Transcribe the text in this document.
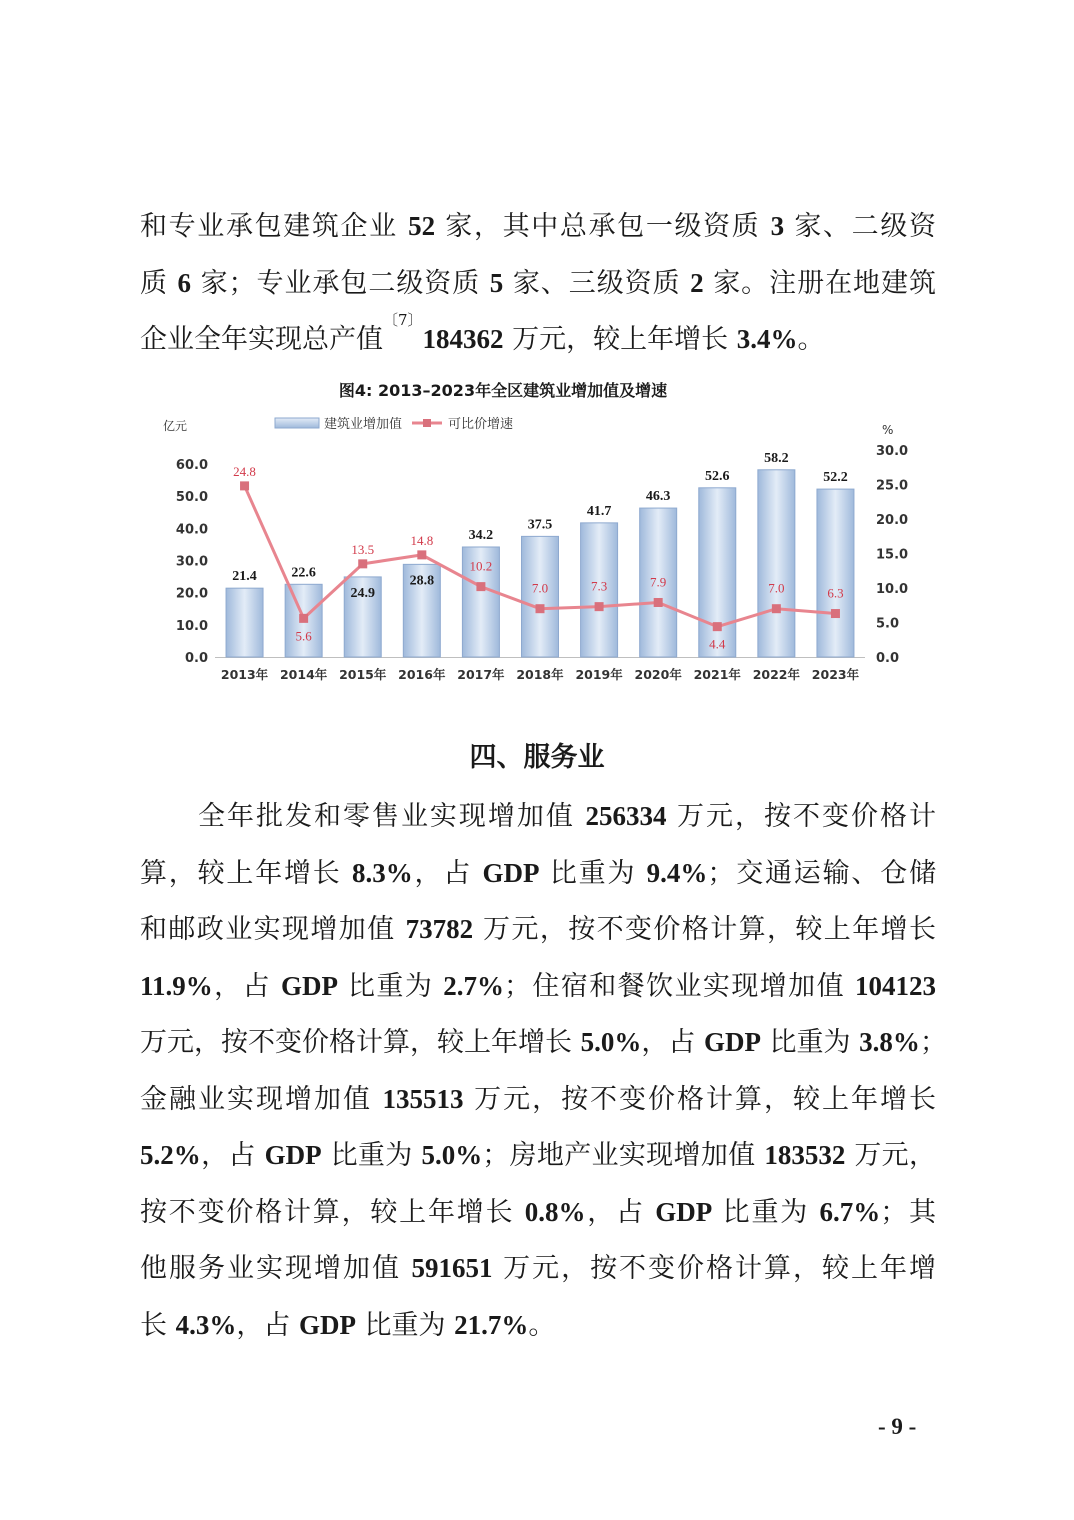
和专业承包建筑企业 52 家，其中总承包一级资质 3 家、二级资
质 6 家；专业承包二级资质 5 家、三级资质 2 家。注册在地建筑
企业全年实现总产值$^{〔7〕}$184362 万元，较上年增长 3.4%。
图4: 2013–2023年全区建筑业增加值及增速
亿元	%
建筑业增加值	可比价增速
0.0
10.0
20.0
30.0
40.0
50.0
60.0
0.0
5.0
10.0
15.0
20.0
25.0
30.0
21.4 22.6
24.9
28.8
34.2
37.5
41.7
46.3
52.6
58.2
52.2
24.8
5.6
13.5
14.8
10.2
7.0	7.3	7.9
4.4
7.0	6.3
2013年 2014年 2015年 2016年 2017年 2018年 2019年 2020年 2021年 2022年 2023年
四、服务业
全年批发和零售业实现增加值 256334 万元，按不变价格计
算，较上年增长 8.3%，占 GDP 比重为 9.4%；交通运输、仓储
和邮政业实现增加值 73782 万元，按不变价格计算，较上年增长
11.9%，占 GDP 比重为 2.7%；住宿和餐饮业实现增加值 104123
万元，按不变价格计算，较上年增长 5.0%，占 GDP 比重为 3.8%；
金融业实现增加值 135513 万元，按不变价格计算，较上年增长
5.2%，占 GDP 比重为 5.0%；房地产业实现增加值 183532 万元，
按不变价格计算，较上年增长 0.8%，占 GDP 比重为 6.7%；其
他服务业实现增加值 591651 万元，按不变价格计算，较上年增
长 4.3%，占 GDP 比重为 21.7%。
- 9 -
